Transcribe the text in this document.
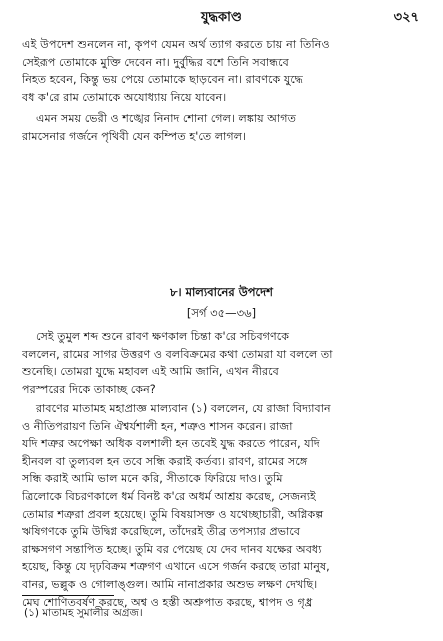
যুদ্ধকাণ্ড	৩২৭
এই উপদেশ শুনলেন না, কৃপণ যেমন অর্থ ত্যাগ করতে চায় না তিনিও
সেইরূপ তোমাকে মুক্তি দেবেন না। দুর্বুদ্ধির বশে তিনি সবান্ধবে
নিহত হবেন, কিন্তু ভয় পেয়ে তোমাকে ছাড়বেন না। রাবণকে যুদ্ধে
বধ ক'রে রাম তোমাকে অযোধ্যায় নিয়ে যাবেন।
এমন সময় ভেরী ও শঙ্খের নিনাদ শোনা গেল। লঙ্কায় আগত
রামসেনার গর্জনে পৃথিবী যেন কম্পিত হ'তে লাগল।
৮। মাল্যবানের উপদেশ
[সর্গ ৩৫—৩৬]
সেই তুমুল শব্দ শুনে রাবণ ক্ষণকাল চিন্তা ক'রে সচিবগণকে
বললেন, রামের সাগর উত্তরণ ও বলবিক্রমের কথা তোমরা যা বললে তা
শুনেছি। তোমরা যুদ্ধে মহাবল এই আমি জানি, এখন নীরবে
পরস্পরের দিকে তাকাচ্ছ কেন?
রাবণের মাতামহ মহাপ্রাজ্ঞ মাল্যবান (১) বললেন, যে রাজা বিদ্যাবান
ও নীতিপরায়ণ তিনি ঐশ্বর্যশালী হন, শত্রুও শাসন করেন। রাজা
যদি শত্রুর অপেক্ষা অধিক বলশালী হন তবেই যুদ্ধ করতে পারেন, যদি
হীনবল বা তুল্যবল হন তবে সন্ধি করাই কর্তব্য। রাবণ, রামের সঙ্গে
সন্ধি করাই আমি ভাল মনে করি, সীতাকে ফিরিয়ে দাও। তুমি
ত্রিলোকে বিচরণকালে ধর্ম বিনষ্ট ক'রে অধর্ম আশ্রয় করেছ, সেজন্যই
তোমার শত্রুরা প্রবল হয়েছে। তুমি বিষয়াসক্ত ও যথেচ্ছাচারী, অগ্নিকল্প
ঋষিগণকে তুমি উদ্বিগ্ন করেছিলে, তাঁদেরই তীব্র তপস্যার প্রভাবে
রাক্ষসগণ সন্তাপিত হচ্ছে। তুমি বর পেয়েছ যে দেব দানব যক্ষের অবধ্য
হয়েছ, কিন্তু যে দৃঢ়বিক্রম শত্রুগণ এখানে এসে গর্জন করছে তারা মানুষ,
বানর, ভল্লুক ও গোলাঙ্গুল। আমি নানাপ্রকার অশুভ লক্ষণ দেখছি।
মেঘ শোণিতবর্ষণ করছে, অশ্ব ও হস্তী অশ্রুপাত করছে, শ্বাপদ ও গৃধ্র
(১) মাতামহ সুমালীর অগ্রজ।
